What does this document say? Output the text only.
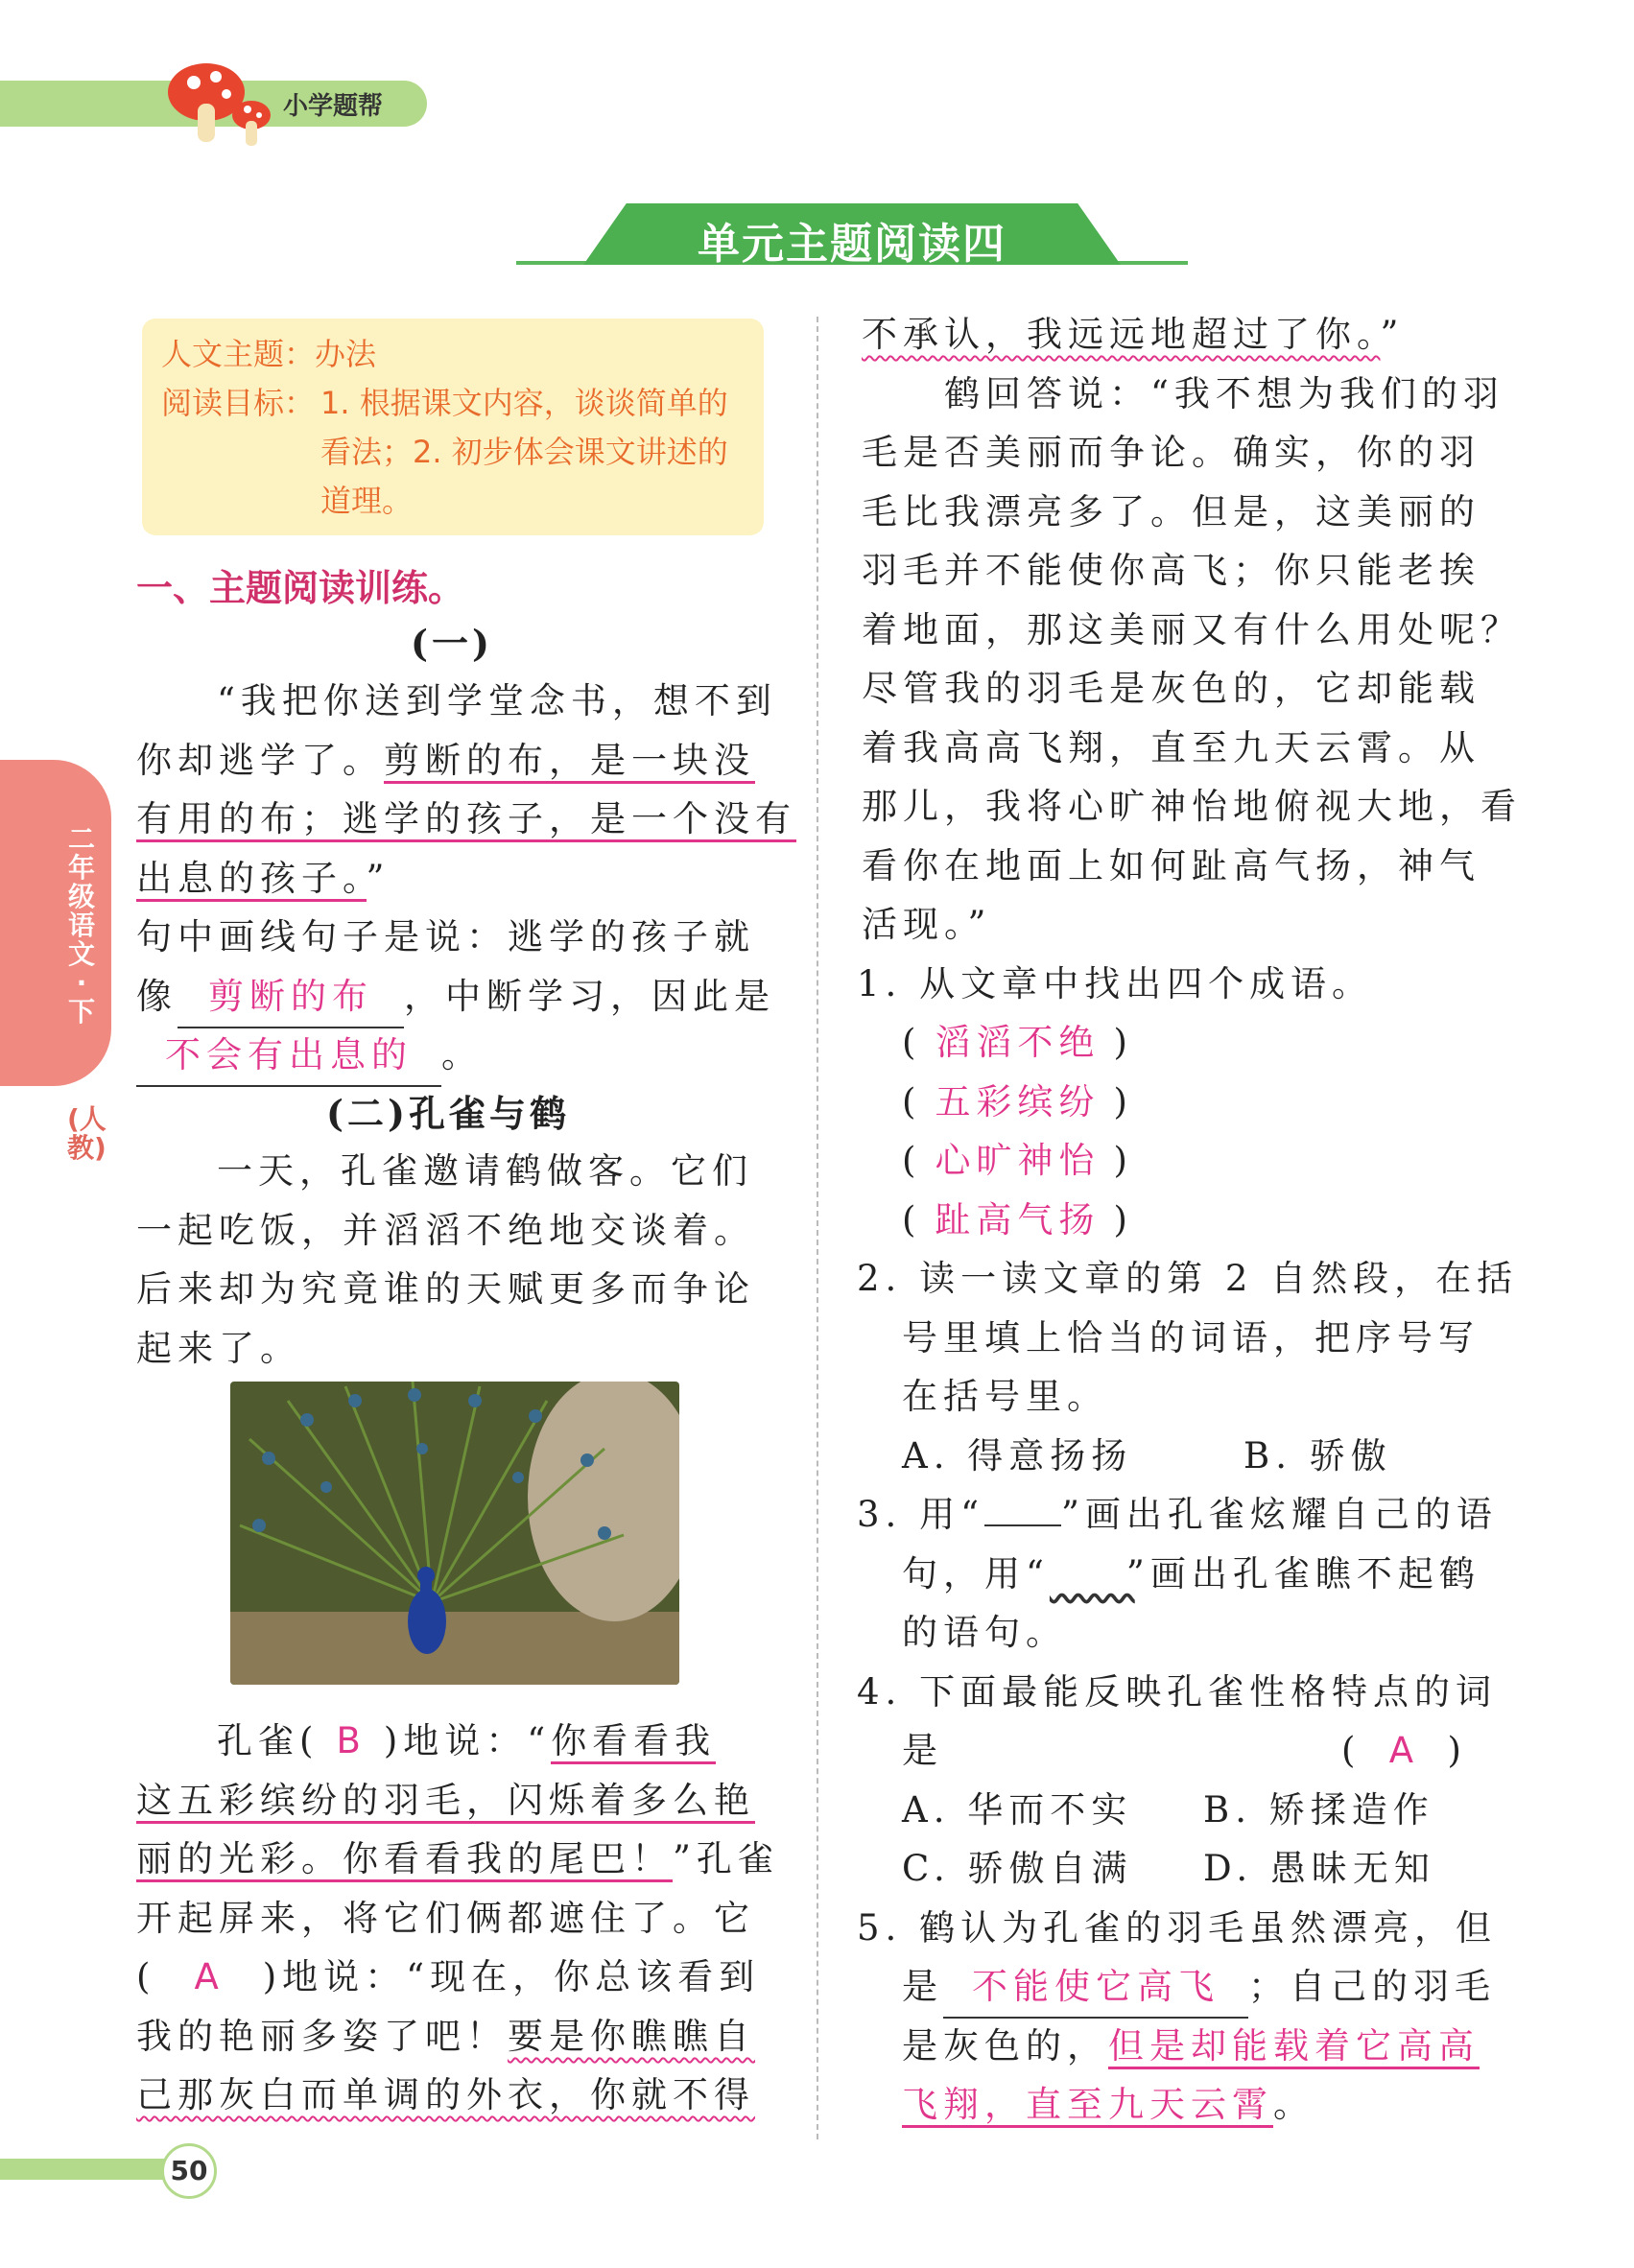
小学题帮
单元主题阅读四
二年级语文·下
(人教)
人文主题：办法
阅读目标： 1. 根据课文内容，谈谈简单的
看法；2. 初步体会课文讲述的
道理。
一、主题阅读训练。
(一)
“我把你送到学堂念书，想不到
你却逃学了。剪断的布，是一块没
有用的布；逃学的孩子，是一个没有
出息的孩子。”
句中画线句子是说：逃学的孩子就
像 剪断的布 ，中断学习，因此是
不会有出息的 。
(二)孔雀与鹤
一天，孔雀邀请鹤做客。它们
一起吃饭，并滔滔不绝地交谈着。
后来却为究竟谁的天赋更多而争论
起来了。
孔雀( B )地说：“你看看我
这五彩缤纷的羽毛，闪烁着多么艳
丽的光彩。你看看我的尾巴！”孔雀
开起屏来，将它们俩都遮住了。它
( A )地说：“现在，你总该看到
我的艳丽多姿了吧！要是你瞧瞧自
己那灰白而单调的外衣，你就不得
不承认，我远远地超过了你。”
鹤回答说：“我不想为我们的羽
毛是否美丽而争论。确实，你的羽
毛比我漂亮多了。但是，这美丽的
羽毛并不能使你高飞；你只能老挨
着地面，那这美丽又有什么用处呢？
尽管我的羽毛是灰色的，它却能载
着我高高飞翔，直至九天云霄。从
那儿，我将心旷神怡地俯视大地，看
看你在地面上如何趾高气扬，神气
活现。”
1. 从文章中找出四个成语。
( 滔滔不绝 )
( 五彩缤纷 )
( 心旷神怡 )
( 趾高气扬 )
2. 读一读文章的第 2 自然段，在括
号里填上恰当的词语，把序号写
在括号里。
A. 得意扬扬	B. 骄傲
3. 用“ ”画出孔雀炫耀自己的语
句，用“ ”画出孔雀瞧不起鹤
的语句。
4. 下面最能反映孔雀性格特点的词
是	( A )
A. 华而不实 B. 矫揉造作
C. 骄傲自满 D. 愚昧无知
5. 鹤认为孔雀的羽毛虽然漂亮，但
是 不能使它高飞 ；自己的羽毛
是灰色的，但是却能载着它高高
飞翔，直至九天云霄。
50
